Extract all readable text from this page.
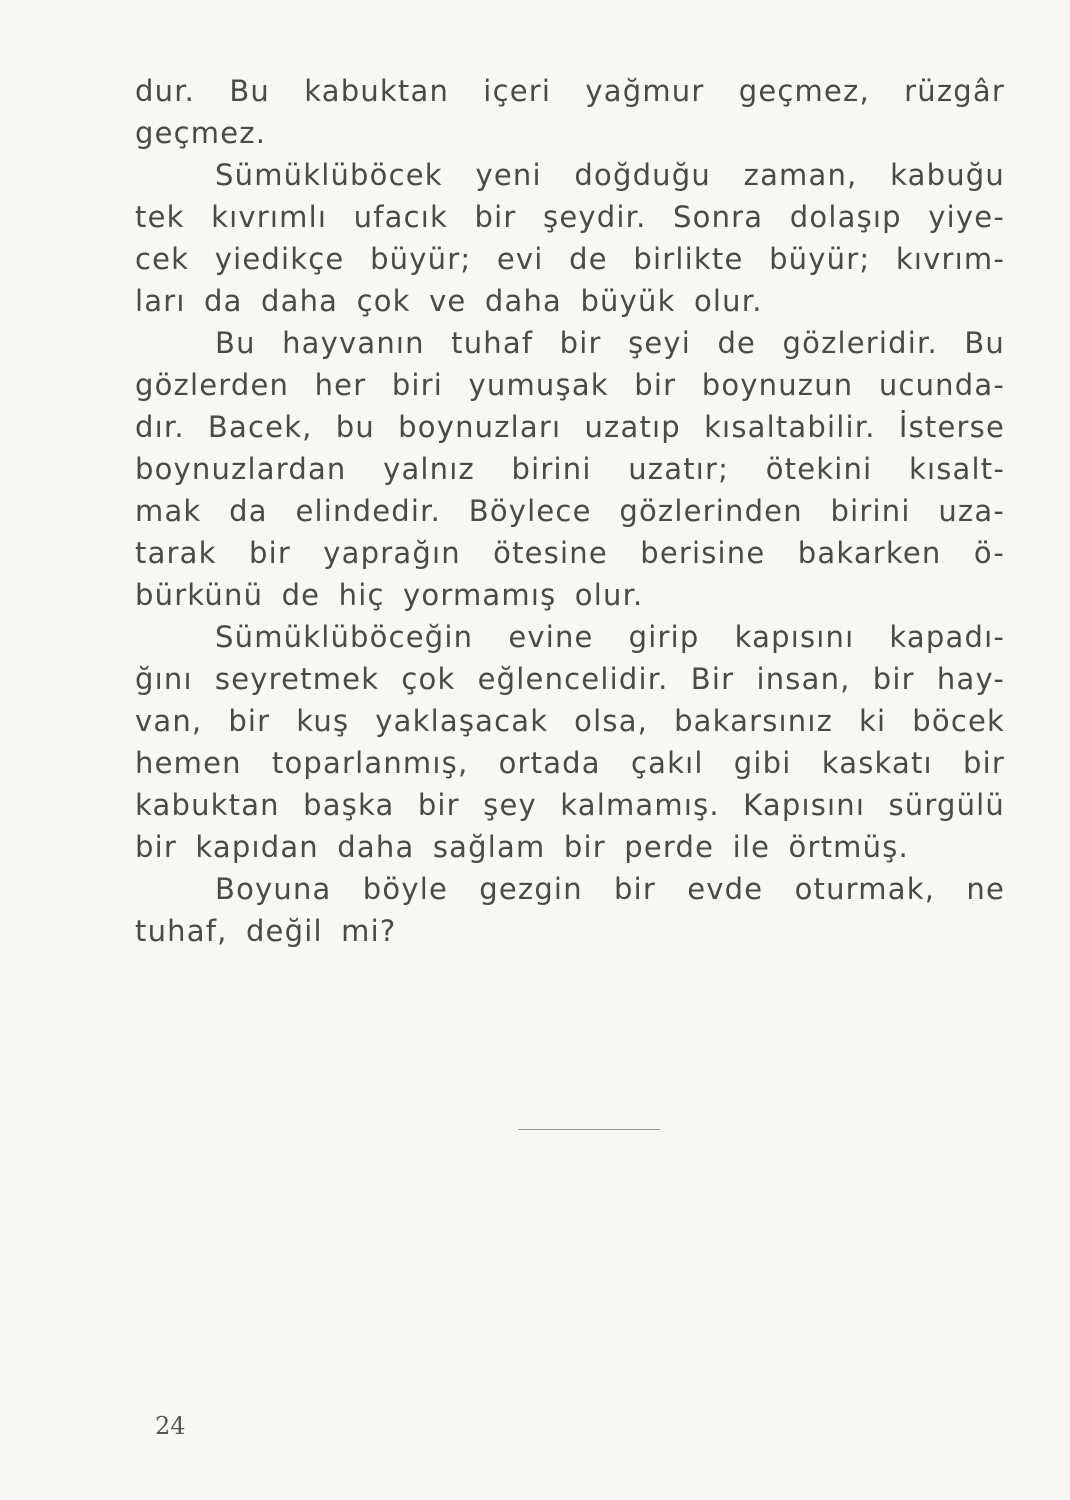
dur. Bu kabuktan içeri yağmur geçmez, rüzgâr
geçmez.
Sümüklüböcek yeni doğduğu zaman, kabuğu
tek kıvrımlı ufacık bir şeydir. Sonra dolaşıp yiye-
cek yiedikçe büyür; evi de birlikte büyür; kıvrım-
ları da daha çok ve daha büyük olur.
Bu hayvanın tuhaf bir şeyi de gözleridir. Bu
gözlerden her biri yumuşak bir boynuzun ucunda-
dır. Bacek, bu boynuzları uzatıp kısaltabilir. İsterse
boynuzlardan yalnız birini uzatır; ötekini kısalt-
mak da elindedir. Böylece gözlerinden birini uza-
tarak bir yaprağın ötesine berisine bakarken ö-
bürkünü de hiç yormamış olur.
Sümüklüböceğin evine girip kapısını kapadı-
ğını seyretmek çok eğlencelidir. Bir insan, bir hay-
van, bir kuş yaklaşacak olsa, bakarsınız ki böcek
hemen toparlanmış, ortada çakıl gibi kaskatı bir
kabuktan başka bir şey kalmamış. Kapısını sürgülü
bir kapıdan daha sağlam bir perde ile örtmüş.
Boyuna böyle gezgin bir evde oturmak, ne
tuhaf, değil mi?
24
